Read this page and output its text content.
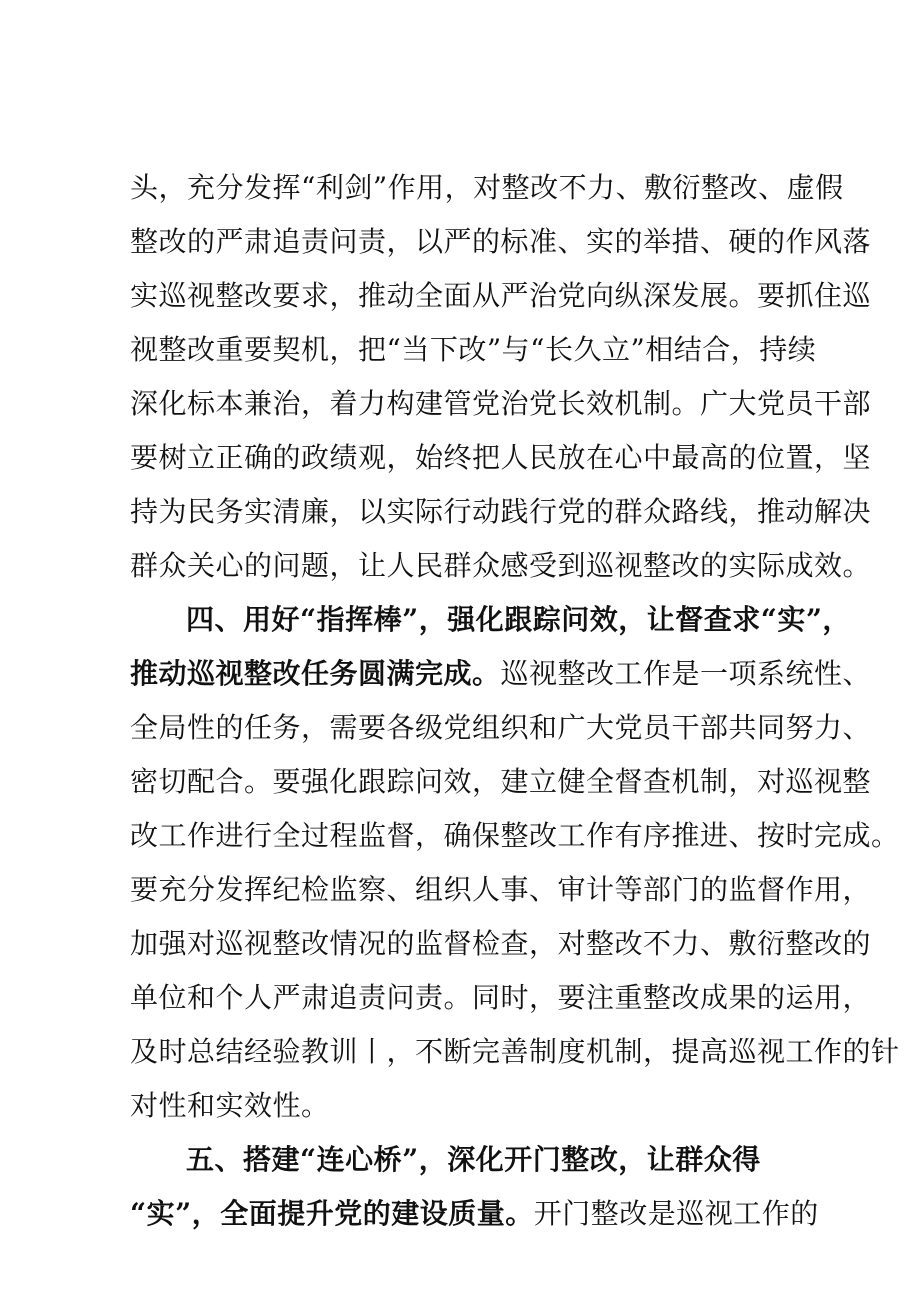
头，充分发挥“利剑”作用，对整改不力、敷衍整改、虚假
整改的严肃追责问责，以严的标准、实的举措、硬的作风落
实巡视整改要求，推动全面从严治党向纵深发展。要抓住巡
视整改重要契机，把“当下改”与“长久立”相结合，持续
深化标本兼治，着力构建管党治党长效机制。广大党员干部
要树立正确的政绩观，始终把人民放在心中最高的位置，坚
持为民务实清廉，以实际行动践行党的群众路线，推动解决
群众关心的问题，让人民群众感受到巡视整改的实际成效。
四、用好“指挥棒”，强化跟踪问效，让督查求“实”，
推动巡视整改任务圆满完成。巡视整改工作是一项系统性、
全局性的任务，需要各级党组织和广大党员干部共同努力、
密切配合。要强化跟踪问效，建立健全督查机制，对巡视整
改工作进行全过程监督，确保整改工作有序推进、按时完成。
要充分发挥纪检监察、组织人事、审计等部门的监督作用，
加强对巡视整改情况的监督检查，对整改不力、敷衍整改的
单位和个人严肃追责问责。同时，要注重整改成果的运用，
及时总结经验教训丨，不断完善制度机制，提高巡视工作的针
对性和实效性。
五、搭建“连心桥”，深化开门整改，让群众得
“实”，全面提升党的建设质量。开门整改是巡视工作的
